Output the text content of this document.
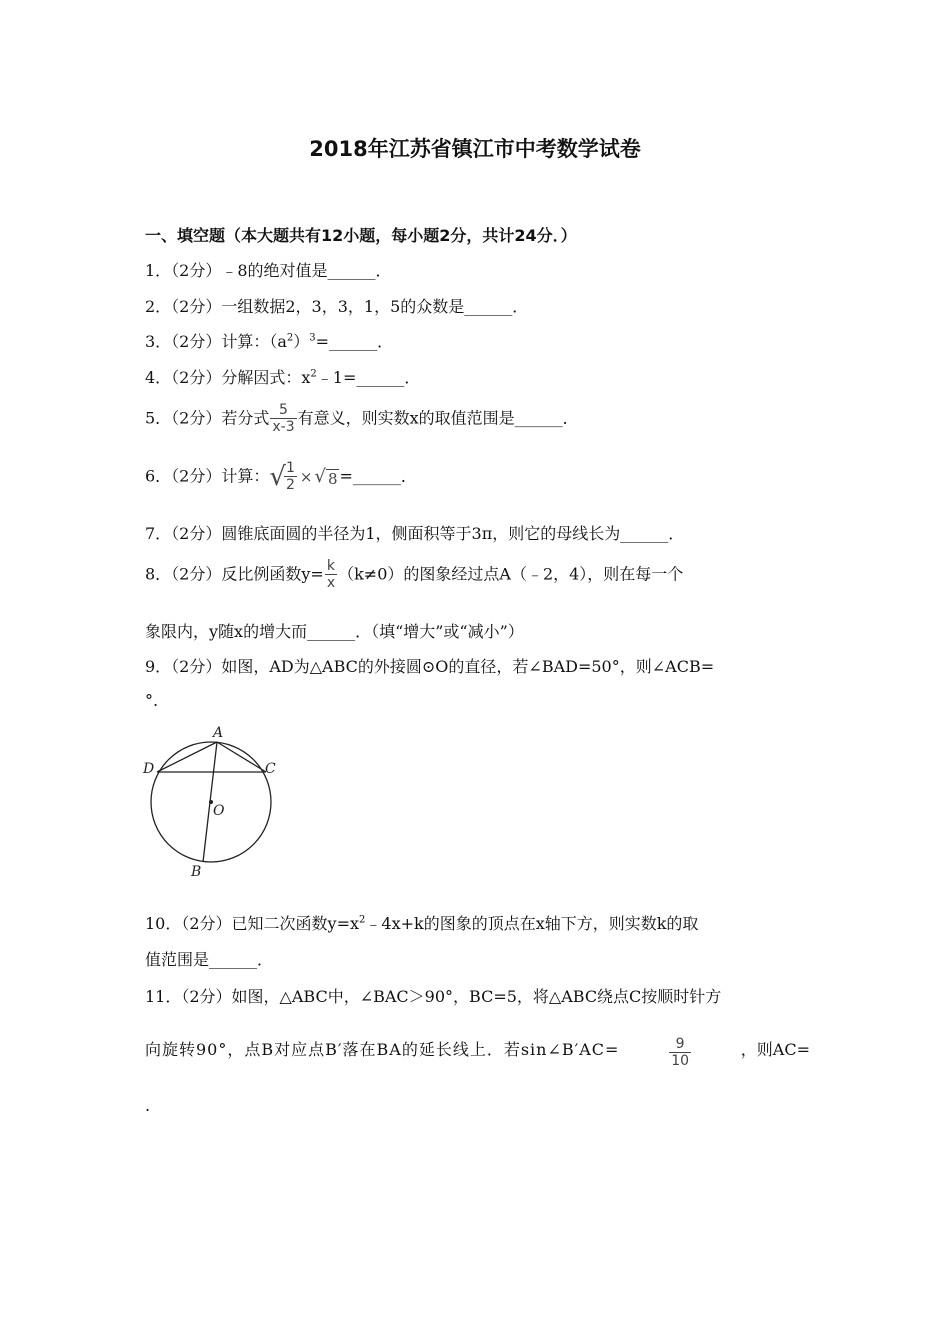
2018年江苏省镇江市中考数学试卷
一、填空题（本大题共有12小题，每小题2分，共计24分．）
1．（2分）﹣8的绝对值是______．
2．（2分）一组数据2，3，3，1，5的众数是______．
3．（2分）计算：$(a^2)^3=\_\_\_\_\_\_$．
4．（2分）分解因式：$x^2﹣1=\_\_\_\_\_\_$．
5．（2分）若分式 $\frac{5}{x-3}$ 有意义，则实数x的取值范围是______．
6．（2分）计算：√
$\frac{1}{2}$ × √ 8 =______．
7．（2分）圆锥底面圆的半径为1，侧面积等于3π，则它的母线长为______．
8．（2分）反比例函数$y= \frac{k}{x} (k\ne 0)$的图象经过点A（﹣2，4），则在每一个
象限内，y随x的增大而______．（填“增大”或“减小”）
9．（2分）如图，AD为△ABC的外接圆⊙O的直径，若∠BAD=50°，则∠ACB=
°.
A
D	C
O
B
10．（2分）已知二次函数$y=x^2﹣4x+k$的图象的顶点在x轴下方，则实数k的取
值范围是______．
11．（2分）如图，△ABC中，∠BAC＞90°，BC=5，将△ABC绕点C按顺时针方
向旋转90°，点B对应点B′落在BA的延长线上．若sin∠B′AC=	$\frac{9}{10}$	，则AC=
.
